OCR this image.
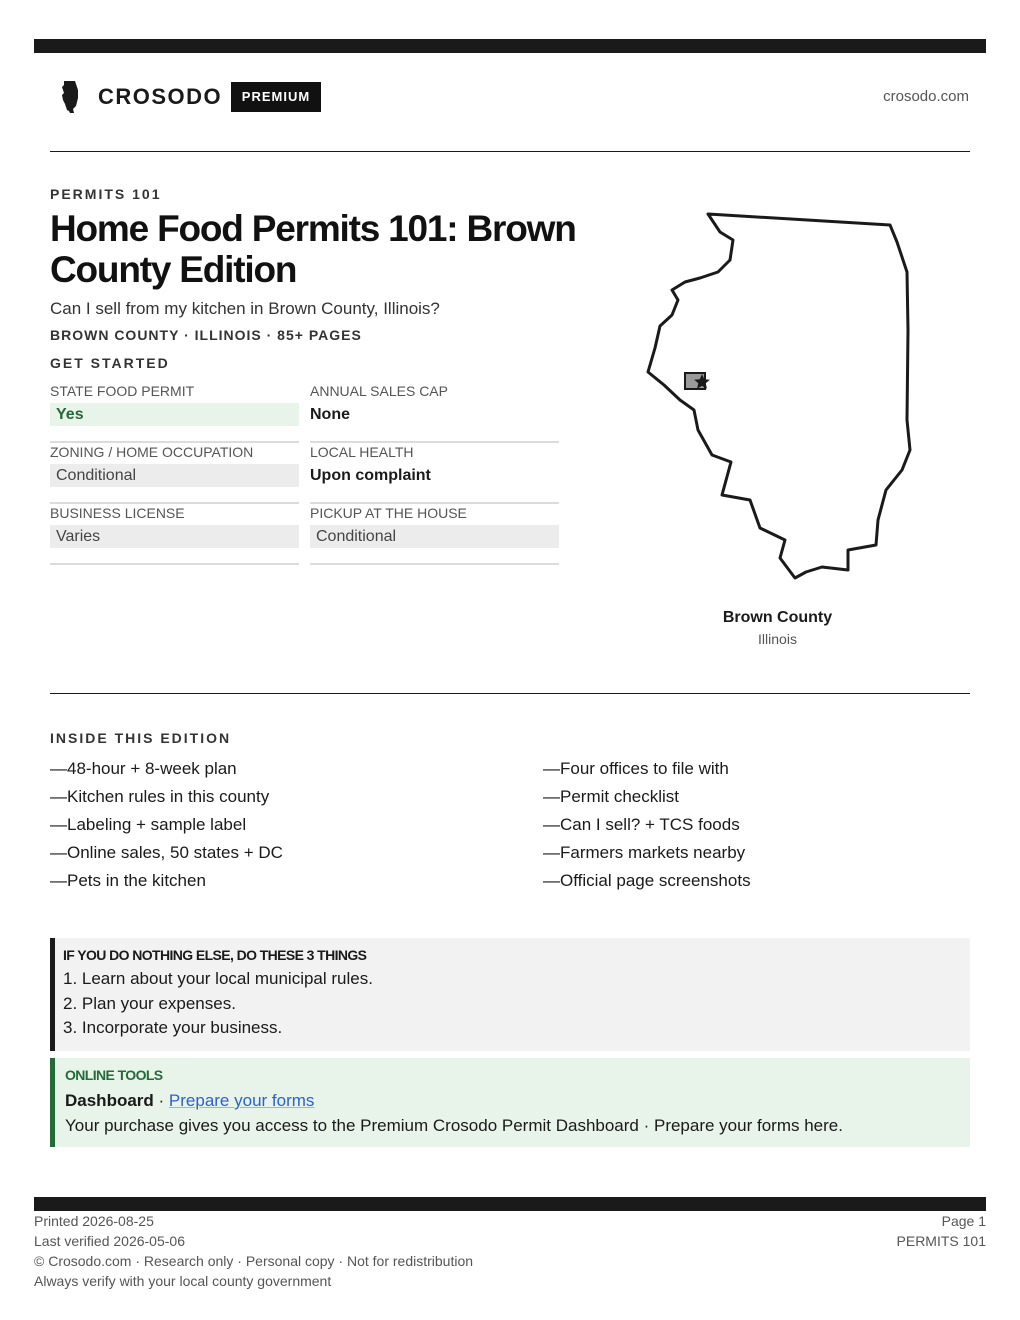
CROSODO	PREMIUM	crosodo.com
PERMITS 101
Home Food Permits 101: Brown County Edition
Can I sell from my kitchen in Brown County, Illinois?
BROWN COUNTY · ILLINOIS · 85+ PAGES
GET STARTED
STATE FOOD PERMIT
Yes
ANNUAL SALES CAP
None
ZONING / HOME OCCUPATION
Conditional
LOCAL HEALTH
Upon complaint
BUSINESS LICENSE
Varies
PICKUP AT THE HOUSE
Conditional
Brown County
Illinois
INSIDE THIS EDITION
—48-hour + 8-week plan
—Kitchen rules in this county
—Labeling + sample label
—Online sales, 50 states + DC
—Pets in the kitchen
—Four offices to file with
—Permit checklist
—Can I sell? + TCS foods
—Farmers markets nearby
—Official page screenshots
IF YOU DO NOTHING ELSE, DO THESE 3 THINGS
1. Learn about your local municipal rules.
2. Plan your expenses.
3. Incorporate your business.
ONLINE TOOLS
Dashboard · Prepare your forms
Your purchase gives you access to the Premium Crosodo Permit Dashboard · Prepare your forms here.
Printed 2026-08-25
Last verified 2026-05-06
© Crosodo.com · Research only · Personal copy · Not for redistribution
Always verify with your local county government
Page 1
PERMITS 101
